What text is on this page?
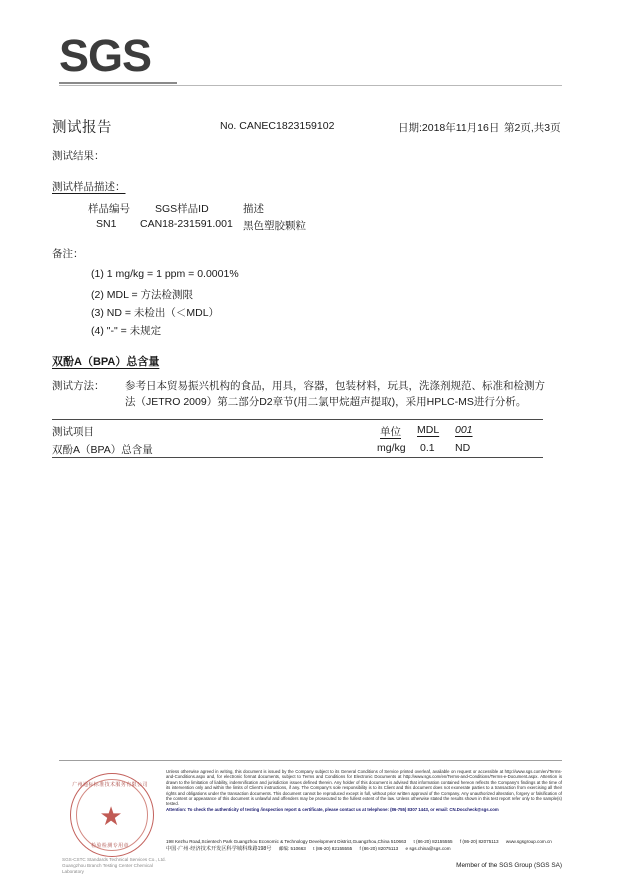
SGS
测试报告	No. CANEC1823159102	日期:2018年11月16日 第2页,共3页
测试结果：
测试样品描述：
样品编号 SGS样品ID	描述
SN1 CAN18-231591.001 黑色塑胶颗粒
备注：
(1) 1 mg/kg = 1 ppm = 0.0001%
(2) MDL = 方法检测限
(3) ND = 未检出（＜MDL）
(4) "-" = 未规定
双酚A（BPA）总含量
测试方法： 参考日本贸易振兴机构的食品，用具，容器，包装材料，玩具，洗涤剂规范、标准和检测方
法（JETRO 2009）第二部分D2章节(用二氯甲烷超声提取)，采用HPLC-MS进行分析。
测试项目	单位 MDL 001
双酚A（BPA）总含量	mg/kg 0.1 ND
广州通标标准技术服务有限公司
★
检验检测专用章
SGS-CSTC Standards Technical Services Co., Ltd. Guangzhou Branch Testing Center Chemical Laboratory
Unless otherwise agreed in writing, this document is issued by the Company subject to its General Conditions of Service printed overleaf, available on request or accessible at http://www.sgs.com/en/Terms-and-Conditions.aspx and, for electronic format documents, subject to Terms and Conditions for Electronic Documents at http://www.sgs.com/en/Terms-and-Conditions/Terms-e-Document.aspx. Attention is drawn to the limitation of liability, indemnification and jurisdiction issues defined therein. Any holder of this document is advised that information contained hereon reflects the Company's findings at the time of its intervention only and within the limits of Client's instructions, if any. The Company's sole responsibility is to its Client and this document does not exonerate parties to a transaction from exercising all their rights and obligations under the transaction documents. This document cannot be reproduced except in full, without prior written approval of the Company. Any unauthorized alteration, forgery or falsification of the content or appearance of this document is unlawful and offenders may be prosecuted to the fullest extent of the law. Unless otherwise stated the results shown in this test report refer only to the sample(s) tested.
Attention: To check the authenticity of testing /inspection report & certificate, please contact us at telephone: (86-755) 8307 1443, or email: CN.Doccheck@sgs.com
198 Kezhu Road,Scientech Park Guangzhou Economic & Technology Development District,Guangzhou,China 510663 t (86-20) 82155555 f (86-20) 82075113 www.sgsgroup.com.cn
中国·广州·经济技术开发区科学城科珠路198号 邮编: 510663 t (86-20) 82155555 f (86-20) 82075113 e sgs.china@sgs.com
Member of the SGS Group (SGS SA)
